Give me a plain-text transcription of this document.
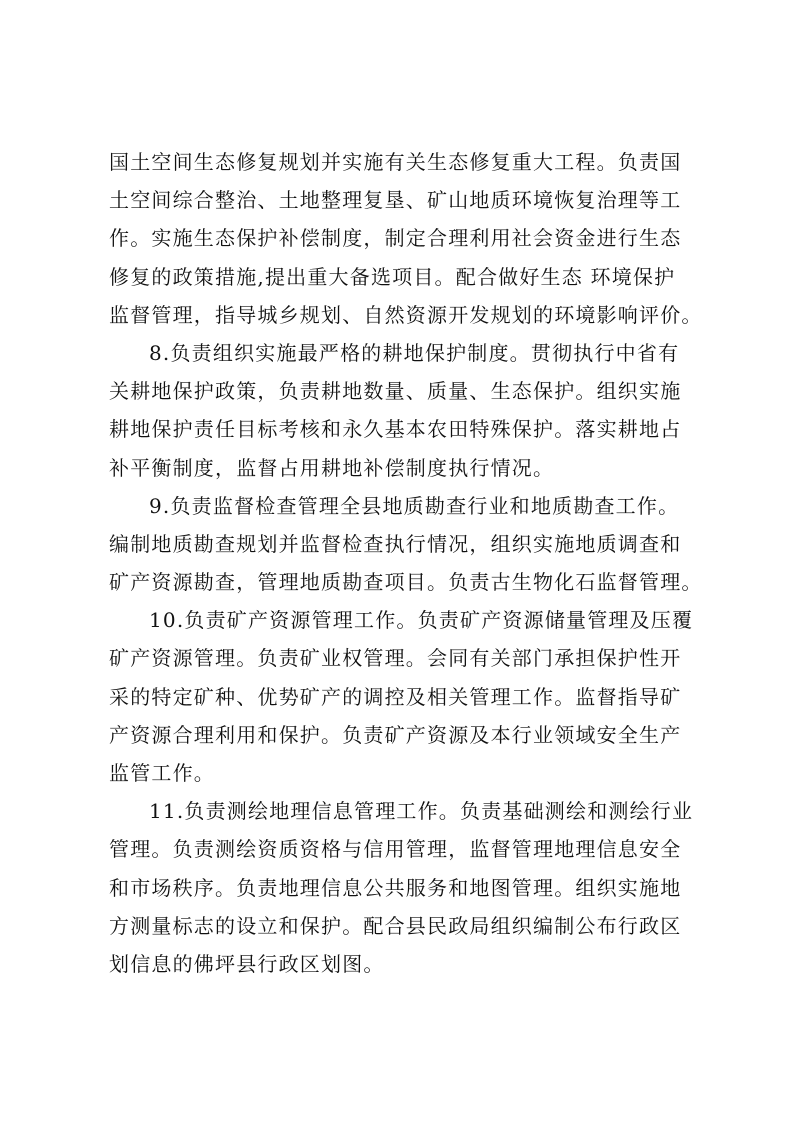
国土空间生态修复规划并实施有关生态修复重大工程。负责国
土空间综合整治、土地整理复垦、矿山地质环境恢复治理等工
作。实施生态保护补偿制度，制定合理利用社会资金进行生态
修复的政策措施,提出重大备选项目。配合做好生态 环境保护
监督管理，指导城乡规划、自然资源开发规划的环境影响评价。

8.负责组织实施最严格的耕地保护制度。贯彻执行中省有
关耕地保护政策，负责耕地数量、质量、生态保护。组织实施
耕地保护责任目标考核和永久基本农田特殊保护。落实耕地占
补平衡制度，监督占用耕地补偿制度执行情况。

9.负责监督检查管理全县地质勘查行业和地质勘查工作。
编制地质勘查规划并监督检查执行情况，组织实施地质调查和
矿产资源勘查，管理地质勘查项目。负责古生物化石监督管理。

10.负责矿产资源管理工作。负责矿产资源储量管理及压覆
矿产资源管理。负责矿业权管理。会同有关部门承担保护性开
采的特定矿种、优势矿产的调控及相关管理工作。监督指导矿
产资源合理利用和保护。负责矿产资源及本行业领域安全生产
监管工作。

11.负责测绘地理信息管理工作。负责基础测绘和测绘行业
管理。负责测绘资质资格与信用管理，监督管理地理信息安全
和市场秩序。负责地理信息公共服务和地图管理。组织实施地
方测量标志的设立和保护。配合县民政局组织编制公布行政区
划信息的佛坪县行政区划图。
